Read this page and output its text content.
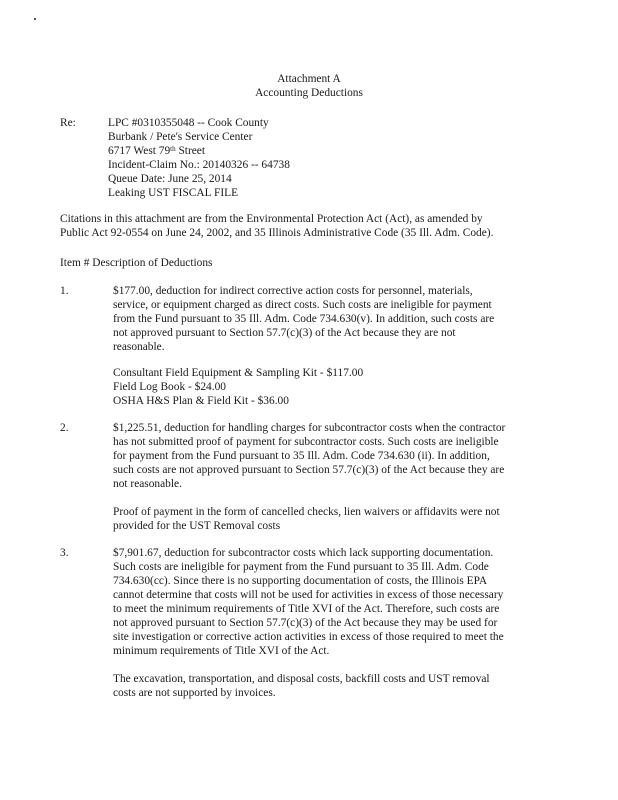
Attachment A
Accounting Deductions
Re:	LPC #0310355048 -- Cook County
Burbank / Pete's Service Center
6717 West 79th Street
Incident-Claim No.: 20140326 -- 64738
Queue Date: June 25, 2014
Leaking UST FISCAL FILE
Citations in this attachment are from the Environmental Protection Act (Act), as amended by
Public Act 92-0554 on June 24, 2002, and 35 Illinois Administrative Code (35 Ill. Adm. Code).
Item # Description of Deductions
1.	$177.00, deduction for indirect corrective action costs for personnel, materials,
service, or equipment charged as direct costs. Such costs are ineligible for payment
from the Fund pursuant to 35 Ill. Adm. Code 734.630(v). In addition, such costs are
not approved pursuant to Section 57.7(c)(3) of the Act because they are not
reasonable.
Consultant Field Equipment & Sampling Kit - $117.00
Field Log Book - $24.00
OSHA H&S Plan & Field Kit - $36.00
2.	$1,225.51, deduction for handling charges for subcontractor costs when the contractor
has not submitted proof of payment for subcontractor costs. Such costs are ineligible
for payment from the Fund pursuant to 35 Ill. Adm. Code 734.630 (ii). In addition,
such costs are not approved pursuant to Section 57.7(c)(3) of the Act because they are
not reasonable.
Proof of payment in the form of cancelled checks, lien waivers or affidavits were not
provided for the UST Removal costs
3.	$7,901.67, deduction for subcontractor costs which lack supporting documentation.
Such costs are ineligible for payment from the Fund pursuant to 35 Ill. Adm. Code
734.630(cc). Since there is no supporting documentation of costs, the Illinois EPA
cannot determine that costs will not be used for activities in excess of those necessary
to meet the minimum requirements of Title XVI of the Act. Therefore, such costs are
not approved pursuant to Section 57.7(c)(3) of the Act because they may be used for
site investigation or corrective action activities in excess of those required to meet the
minimum requirements of Title XVI of the Act.
The excavation, transportation, and disposal costs, backfill costs and UST removal
costs are not supported by invoices.
